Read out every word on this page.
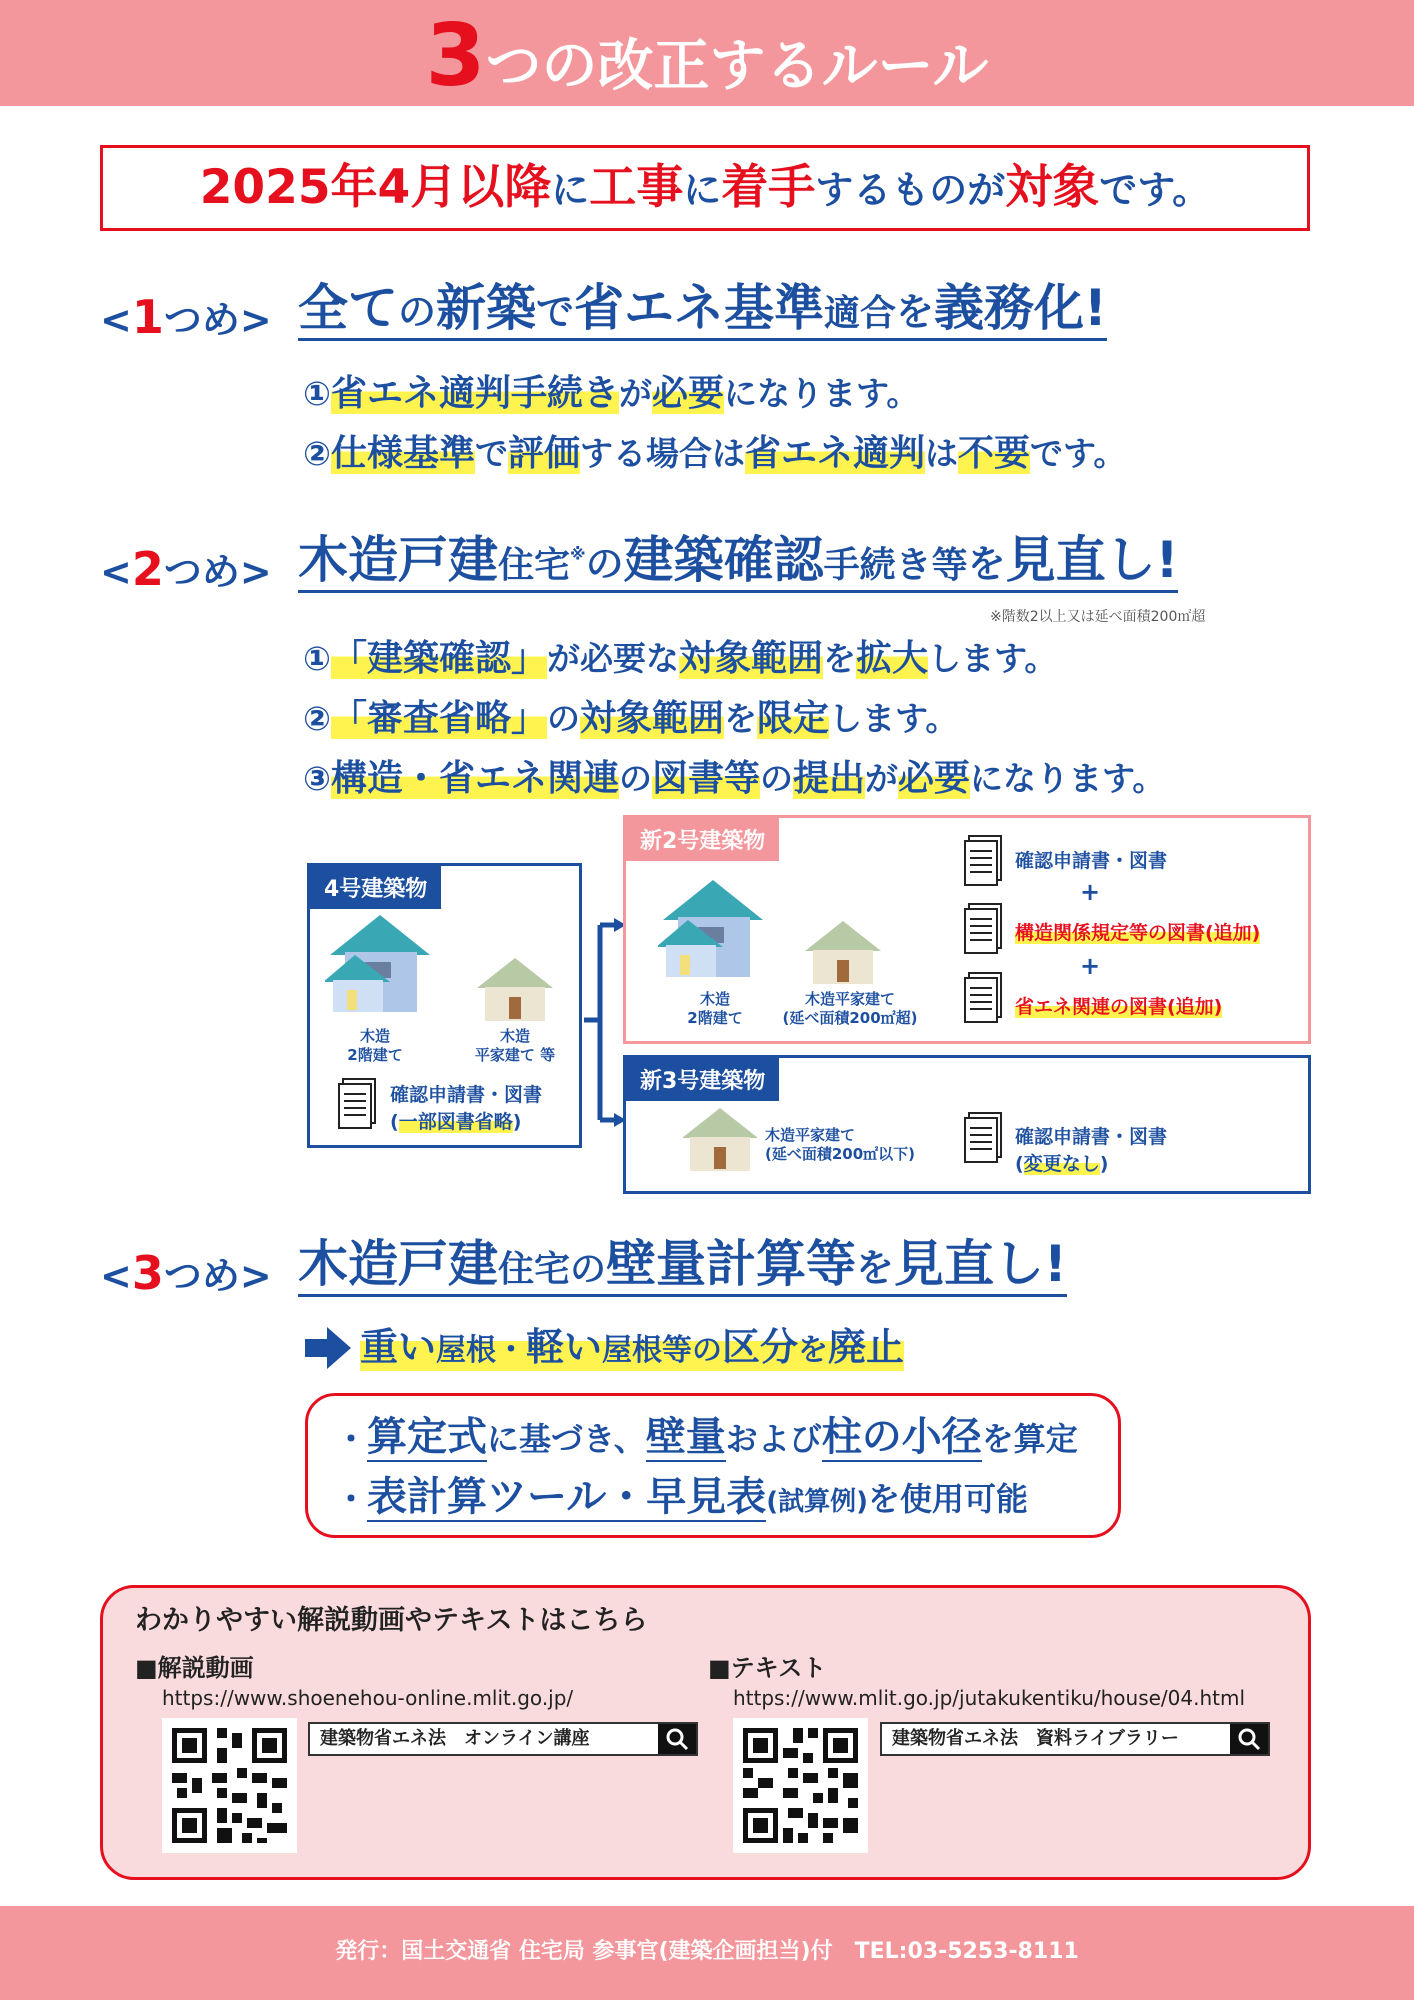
3つの改正するルール
2025年4月以降に工事に着手するものが対象です。
<1つめ> 全ての新築で省エネ基準適合を義務化!
①省エネ適判手続きが必要になります。
②仕様基準で評価する場合は省エネ適判は不要です。
<2つめ> 木造戸建住宅※の建築確認手続き等を見直し!
※階数2以上又は延べ面積200㎡超
①「建築確認」が必要な対象範囲を拡大します。
②「審査省略」の対象範囲を限定します。
③構造・省エネ関連の図書等の提出が必要になります。
4号建築物
木造
2階建て
木造
平家建て 等
確認申請書・図書
(一部図書省略)
新2号建築物
木造
2階建て
木造平家建て
(延べ面積200㎡超)
確認申請書・図書
+
構造関係規定等の図書(追加)
+
省エネ関連の図書(追加)
新3号建築物
木造平家建て
(延べ面積200㎡以下)
確認申請書・図書
(変更なし)
<3つめ> 木造戸建住宅の壁量計算等を見直し!
重い屋根・軽い屋根等の区分を廃止
・算定式に基づき、壁量および柱の小径を算定
・表計算ツール・早見表(試算例)を使用可能
わかりやすい解説動画やテキストはこちら
■解説動画
https://www.shoenehou-online.mlit.go.jp/
建築物省エネ法　オンライン講座
■テキスト
https://www.mlit.go.jp/jutakukentiku/house/04.html
建築物省エネ法　資料ライブラリー
発行：国土交通省 住宅局 参事官(建築企画担当)付　TEL:03-5253-8111
